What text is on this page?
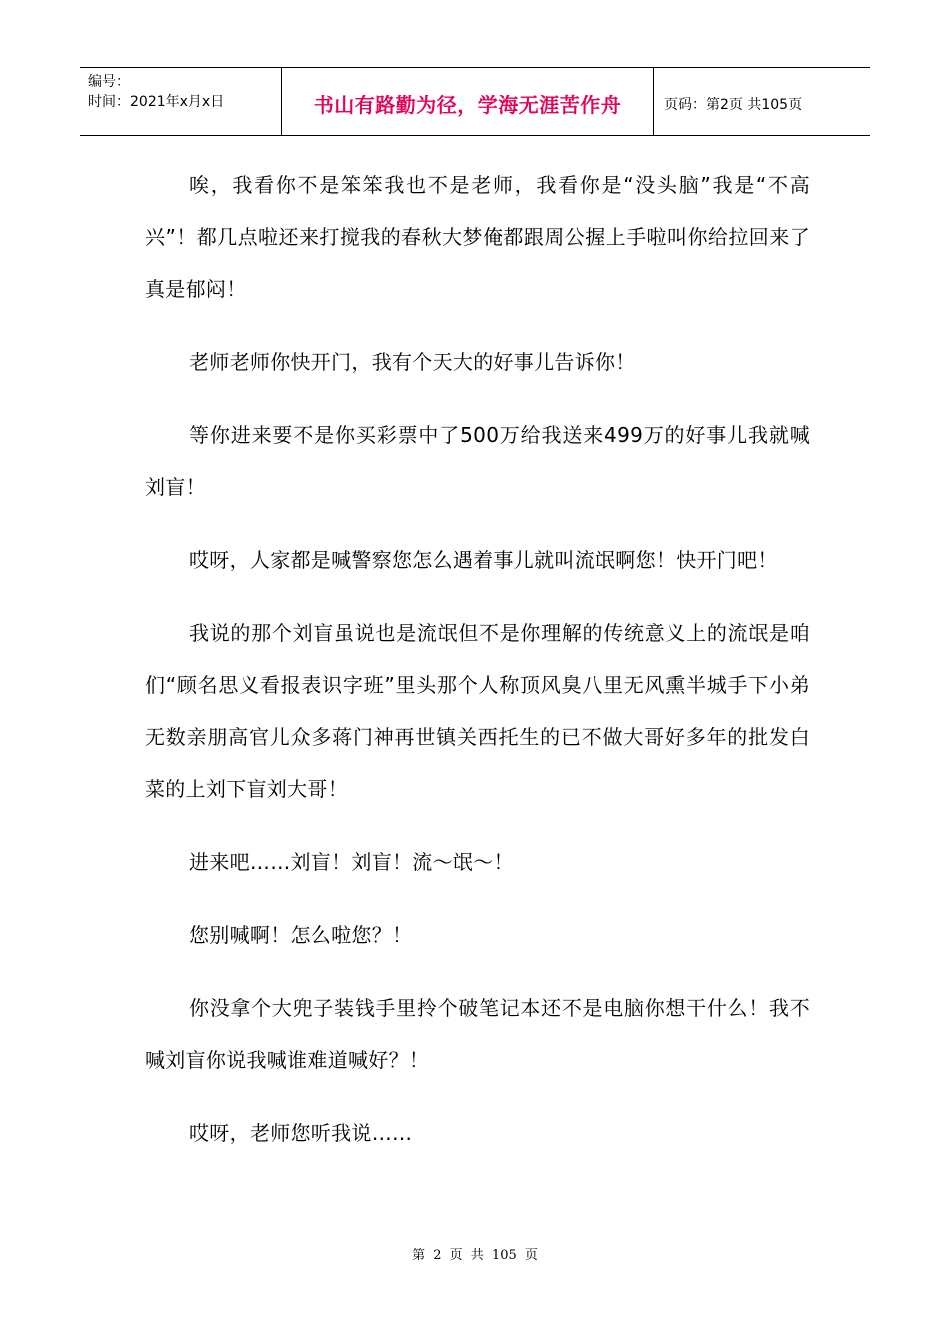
编号：
时间：2021年x月x日	书山有路勤为径，学海无涯苦作舟	页码：第2页 共105页

唉，我看你不是笨笨我也不是老师，我看你是“没头脑”我是“不高兴”！都几点啦还来打搅我的春秋大梦俺都跟周公握上手啦叫你给拉回来了真是郁闷！

老师老师你快开门，我有个天大的好事儿告诉你！

等你进来要不是你买彩票中了500万给我送来499万的好事儿我就喊刘盲！

哎呀，人家都是喊警察您怎么遇着事儿就叫流氓啊您！快开门吧！

我说的那个刘盲虽说也是流氓但不是你理解的传统意义上的流氓是咱们“顾名思义看报表识字班”里头那个人称顶风臭八里无风熏半城手下小弟无数亲朋高官儿众多蒋门神再世镇关西托生的已不做大哥好多年的批发白菜的上刘下盲刘大哥！

进来吧……刘盲！刘盲！流～氓～！

您别喊啊！怎么啦您？！

你没拿个大兜子装钱手里拎个破笔记本还不是电脑你想干什么！我不喊刘盲你说我喊谁难道喊好？！

哎呀，老师您听我说……

第 2 页 共 105 页
